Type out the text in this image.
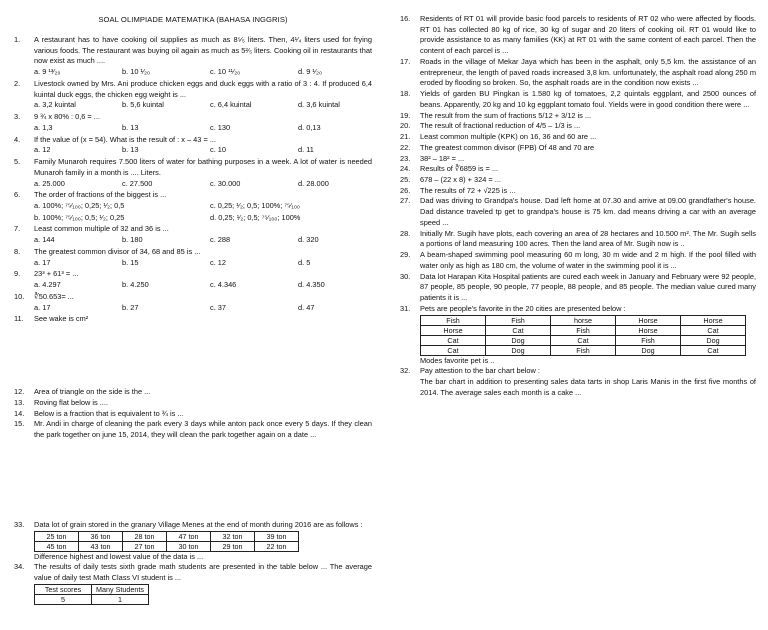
SOAL OLIMPIADE MATEMATIKA (BAHASA INGGRIS)
1.	A restaurant has to have cooking oil supplies as much as 8⁵⁄₅ liters. Then, 4¹⁄₄ liters used for frying various foods. The restaurant was buying oil again as much as 5²⁄₅ liters. Cooking oil in restaurants that now exist as much ....
a. 9 ¹³⁄₂₀	b. 10 ¹⁄₂₀	c. 10 ¹¹⁄₂₀	d. 9 ¹⁄₂₀
2.	Livestock owned by Mrs. Ani produce chicken eggs and duck eggs with a ratio of 3 : 4. If produced 6,4 kuintal duck eggs, the chicken egg weight is ...
a. 3,2 kuintal	b. 5,6 kuintal	c. 6,4 kuintal	d. 3,6 kuintal
3.	9 ¾ x 80% : 0,6 = ...
a. 1,3	b. 13	c. 130	d. 0,13
4.	If the value of (x = 54). What is the result of : x – 43 = ...
a. 12	b. 13	c. 10	d. 11
5.	Family Munaroh requires 7.500 liters of water for bathing purposes in a week. A lot of water is needed Munaroh family in a month is .... Liters.
a. 25.000	c. 27.500	c. 30.000	d. 28.000
6.	The order of fractions of the biggest is ...
a. 100%; ⁷⁵⁄₁₀₀; 0,25; ¹⁄₂; 0,5	c. 0,25; ¹⁄₂; 0,5; 100%; ⁷⁵⁄₁₀₀
b. 100%; ⁷⁵⁄₁₀₀; 0,5; ¹⁄₂; 0,25	d. 0,25; ¹⁄₂; 0,5; ⁷⁵⁄₁₀₀; 100%
7.	Least common multiple of 32 and 36 is ...
a. 144	b. 180	c. 288	d. 320
8.	The greatest common divisor of 34, 68 and 85 is ...
a. 17	b. 15	c. 12	d. 5
9.	23³ + 61³ = ...
a. 4.297	b. 4.250	c. 4.346	d. 4.350
10.	∛50.653= ...
a. 17	b. 27	c. 37	d. 47
11.	See wake is cm²
12.	Area of triangle on the side is the ...
13.	Roving flat below is ....
14.	Below is a fraction that is equivalent to ¾ is ...
15.	Mr. Andi in charge of cleaning the park every 3 days while anton pack once every 5 days. If they clean the park together on june 15, 2014, they will clean the park together again on a date ...
16.	Residents of RT 01 will provide basic food parcels to residents of RT 02 who were affected by floods. RT 01 has collected 80 kg of rice, 30 kg of sugar and 20 liters of cooking oil. RT 01 would like to provide assistance to as many families (KK) at RT 01 with the same content of each parcel. Then the content of each parcel is ...
17.	Roads in the village of Mekar Jaya which has been in the asphalt, only 5,5 km. the assistance of an entrepreneur, the length of paved roads increased 3,8 km. unfortunately, the asphalt road along 250 m eroded by flooding so broken. So, the asphalt roads are in the condition now exists ...
18.	Yields of garden BU Pingkan is 1.580 kg of tomatoes, 2,2 quintals eggplant, and 2500 ounces of beans. Apparently, 20 kg and 10 kg eggplant tomato foul. Yields were in good condition there were ...
19.	The result from the sum of fractions 5/12 + 3/12 is ...
20.	The result of fractional reduction of 4/5 – 1/3 is ...
21.	Least common multiple (KPK) on 16, 36 and 60 are ...
22.	The greatest common divisor (FPB) Of 48 and 70 are
23.	38² – 18² = ...
24.	Results of ∛6859 is = ...
25.	678 – (22 x 8) + 324 = ...
26.	The results of 72 + √225 is ...
27.	Dad was driving to Grandpa's house. Dad left home at 07.30 and arrive at 09.00 grandfather's house. Dad distance traveled tp get to grandpa's house is 75 km. dad means driving a car with an average speed ...
28.	Initially Mr. Sugih have plots, each covering an area of 28 hectares and 10.500 m². The Mr. Sugih sells a portions of land measuring 100 acres. Then the land area of Mr. Sugih now is ..
29.	A beam-shaped swimming pool measuring 60 m long, 30 m wide and 2 m high. If the pool filled with water only as high as 180 cm, the volume of water in the swimming pool it is ...
30.	Data lot Harapan Kita Hospital patients are cured each week in January and February were 92 people, 87 people, 85 people, 90 people, 77 people, 88 people, and 85 people. The median value cured many patients it is ...
31.	Pets are people's favorite in the 20 cities are presented below :
Fish	Fish	horse	Horse	Horse
Horse	Cat	Fish	Horse	Cat
Cat	Dog	Cat	Fish	Dog
Cat	Dog	Fish	Dog	Cat
Modes favorite pet is ..
32.	Pay attestion to the bar chart below :
The bar chart in addition to presenting sales data tarts in shop Laris Manis in the first five months of 2014. The average sales each month is a cake ...
33.	Data lot of grain stored in the granary Village Menes at the end of month during 2016 are as follows :
25 ton	36 ton	28 ton	47 ton	32 ton	39 ton
45 ton	43 ton	27 ton	30 ton	29 ton	22 ton
Difference highest and lowest value of the data is ...
34.	The results of daily tests sixth grade math students are presented in the table below ... The average value of daily test Math Class VI student is ...
Test scores	Many Students
5	1
